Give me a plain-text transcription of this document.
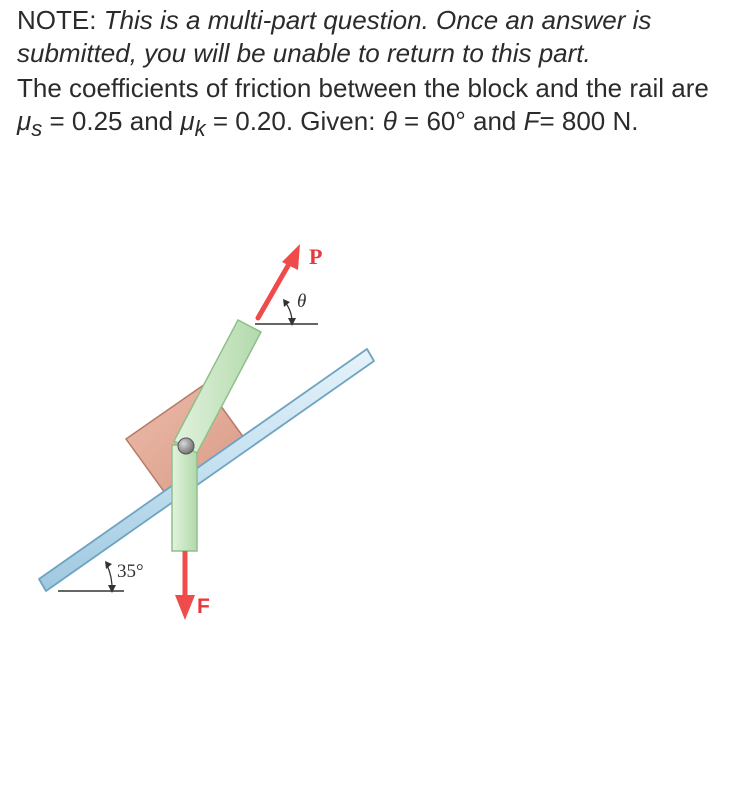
NOTE: This is a multi-part question. Once an answer is submitted, you will be unable to return to this part.

The coefficients of friction between the block and the rail are $\mu_s = 0.25$ and $\mu_k = 0.20$. Given: θ = 60° and F= 800 N.

P
θ
F
35°
